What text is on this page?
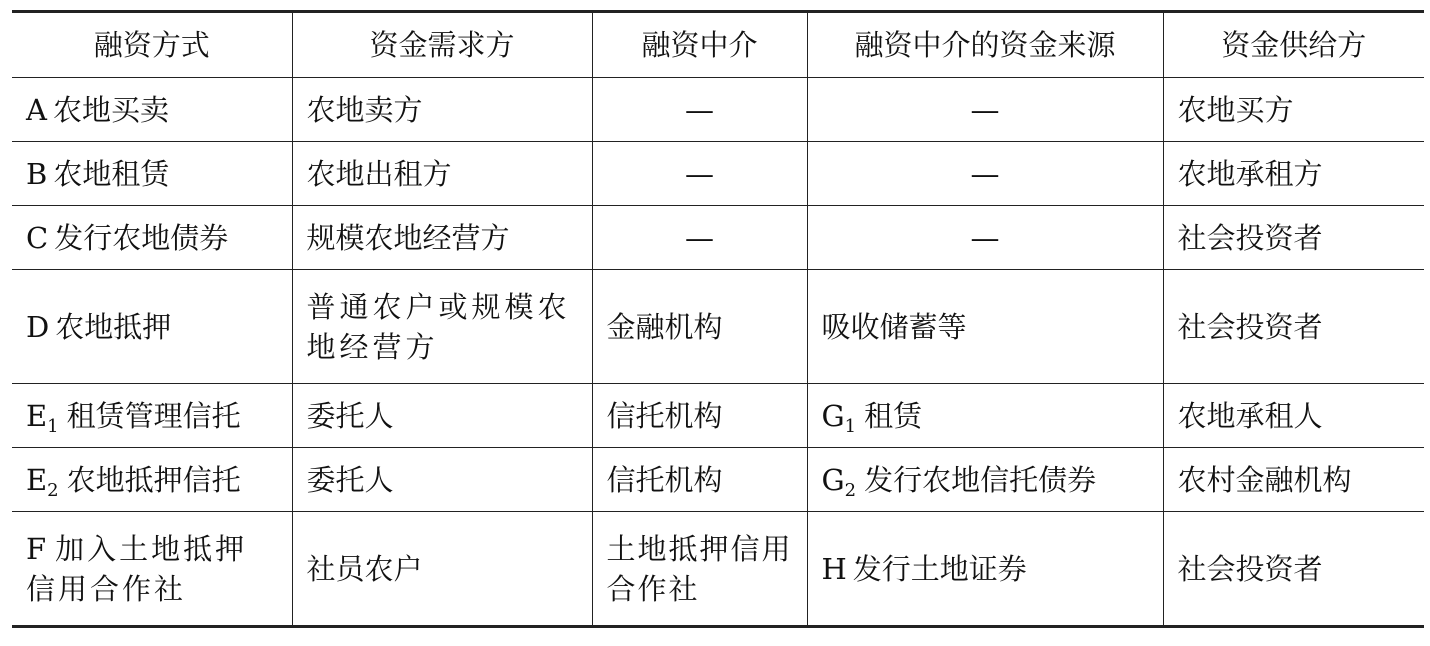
融资方式	资金需求方	融资中介	融资中介的资金来源	资金供给方
A 农地买卖	农地卖方	—	—	农地买方
B 农地租赁	农地出租方	—	—	农地承租方
C 发行农地债券	规模农地经营方	—	—	社会投资者
D 农地抵押	普通农户或规模农地经营方	金融机构	吸收储蓄等	社会投资者
$E_1$ 租赁管理信托	委托人	信托机构	$G_1$ 租赁	农地承租人
$E_2$ 农地抵押信托	委托人	信托机构	$G_2$ 发行农地信托债券	农村金融机构
F 加入土地抵押信用合作社	社员农户	土地抵押信用合作社	H 发行土地证券	社会投资者
